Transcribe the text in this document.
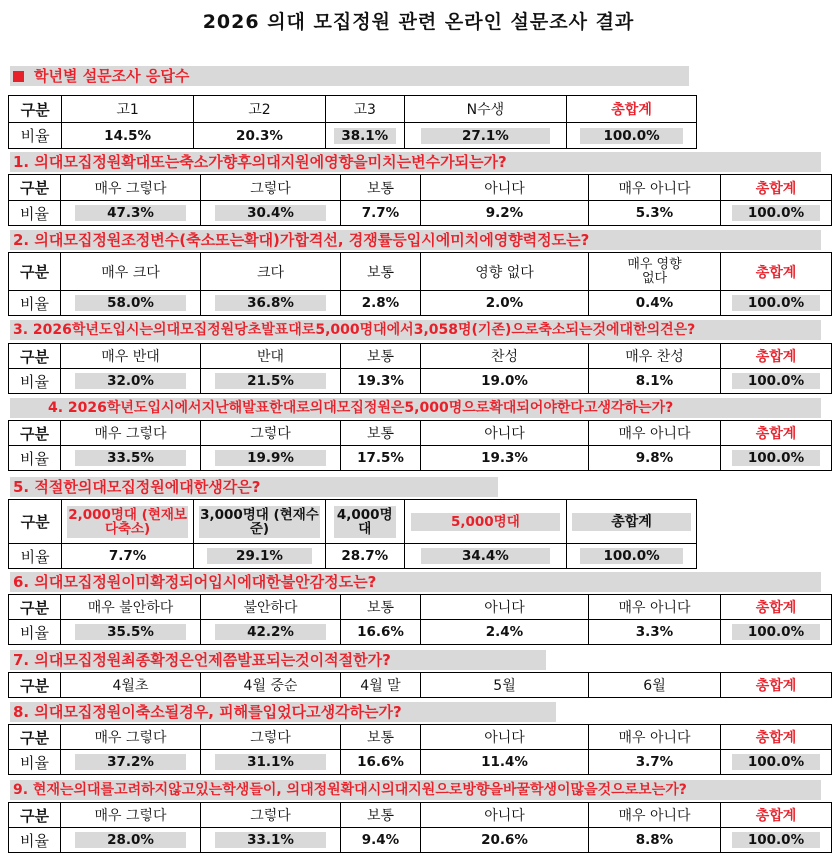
2026 의대 모집정원 관련 온라인 설문조사 결과
학년별 설문조사 응답수
구분	고1	고2	고3	N수생	총합계
비율	14.5%	20.3%	38.1%	27.1%	100.0%
1. 의대모집정원확대또는축소가향후의대지원에영향을미치는변수가되는가?
구분	매우 그렇다	그렇다	보통	아니다	매우 아니다	총합계
비율	47.3%	30.4%	7.7%	9.2%	5.3%	100.0%
2. 의대모집정원조정변수(축소또는확대)가합격선, 경쟁률등입시에미치에영향력정도는?
구분	매우 크다	크다	보통	영향 없다	매우 영향 없다	총합계
비율	58.0%	36.8%	2.8%	2.0%	0.4%	100.0%
3. 2026학년도입시는의대모집정원당초발표대로5,000명대에서3,058명(기존)으로축소되는것에대한의견은?
구분	매우 반대	반대	보통	찬성	매우 찬성	총합계
비율	32.0%	21.5%	19.3%	19.0%	8.1%	100.0%
4. 2026학년도입시에서지난해발표한대로의대모집정원은5,000명으로확대되어야한다고생각하는가?
구분	매우 그렇다	그렇다	보통	아니다	매우 아니다	총합계
비율	33.5%	19.9%	17.5%	19.3%	9.8%	100.0%
5. 적절한의대모집정원에대한생각은?
구분	2,000명대 (현재보다축소)	3,000명대 (현재수준)	4,000명대	5,000명대	총합계
비율	7.7%	29.1%	28.7%	34.4%	100.0%
6. 의대모집정원이미확정되어입시에대한불안감정도는?
구분	매우 불안하다	불안하다	보통	아니다	매우 아니다	총합계
비율	35.5%	42.2%	16.6%	2.4%	3.3%	100.0%
7. 의대모집정원최종확정은언제쯤발표되는것이적절한가?
구분	4월초	4월 중순	4월 말	5월	6월	총합계
8. 의대모집정원이축소될경우, 피해를입었다고생각하는가?
구분	매우 그렇다	그렇다	보통	아니다	매우 아니다	총합계
비율	37.2%	31.1%	16.6%	11.4%	3.7%	100.0%
9. 현재는의대를고려하지않고있는학생들이, 의대정원확대시의대지원으로방향을바꿀학생이많을것으로보는가?
구분	매우 그렇다	그렇다	보통	아니다	매우 아니다	총합계
비율	28.0%	33.1%	9.4%	20.6%	8.8%	100.0%
